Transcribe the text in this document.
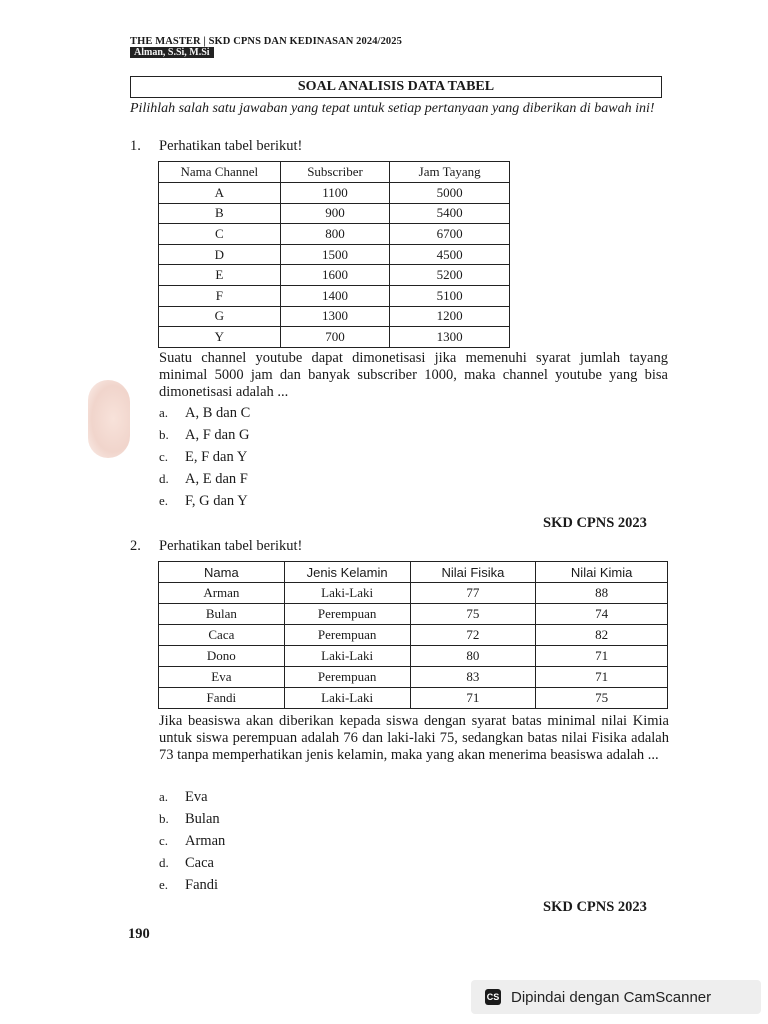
THE MASTER | SKD CPNS DAN KEDINASAN 2024/2025
Alman, S.Si, M.Si
SOAL ANALISIS DATA TABEL
Pilihlah salah satu jawaban yang tepat untuk setiap pertanyaan yang diberikan di bawah ini!
1. Perhatikan tabel berikut!
Nama Channel	Subscriber	Jam Tayang
A	1100	5000
B	900	5400
C	800	6700
D	1500	4500
E	1600	5200
F	1400	5100
G	1300	1200
Y	700	1300
Suatu channel youtube dapat dimonetisasi jika memenuhi syarat jumlah tayang minimal 5000 jam dan banyak subscriber 1000, maka channel youtube yang bisa dimonetisasi adalah ...
a. A, B dan C
b. A, F dan G
c. E, F dan Y
d. A, E dan F
e. F, G dan Y
SKD CPNS 2023
2. Perhatikan tabel berikut!
Nama	Jenis Kelamin	Nilai Fisika	Nilai Kimia
Arman	Laki-Laki	77	88
Bulan	Perempuan	75	74
Caca	Perempuan	72	82
Dono	Laki-Laki	80	71
Eva	Perempuan	83	71
Fandi	Laki-Laki	71	75
Jika beasiswa akan diberikan kepada siswa dengan syarat batas minimal nilai Kimia untuk siswa perempuan adalah 76 dan laki-laki 75, sedangkan batas nilai Fisika adalah 73 tanpa memperhatikan jenis kelamin, maka yang akan menerima beasiswa adalah ...
a. Eva
b. Bulan
c. Arman
d. Caca
e. Fandi
SKD CPNS 2023
190
CS Dipindai dengan CamScanner
